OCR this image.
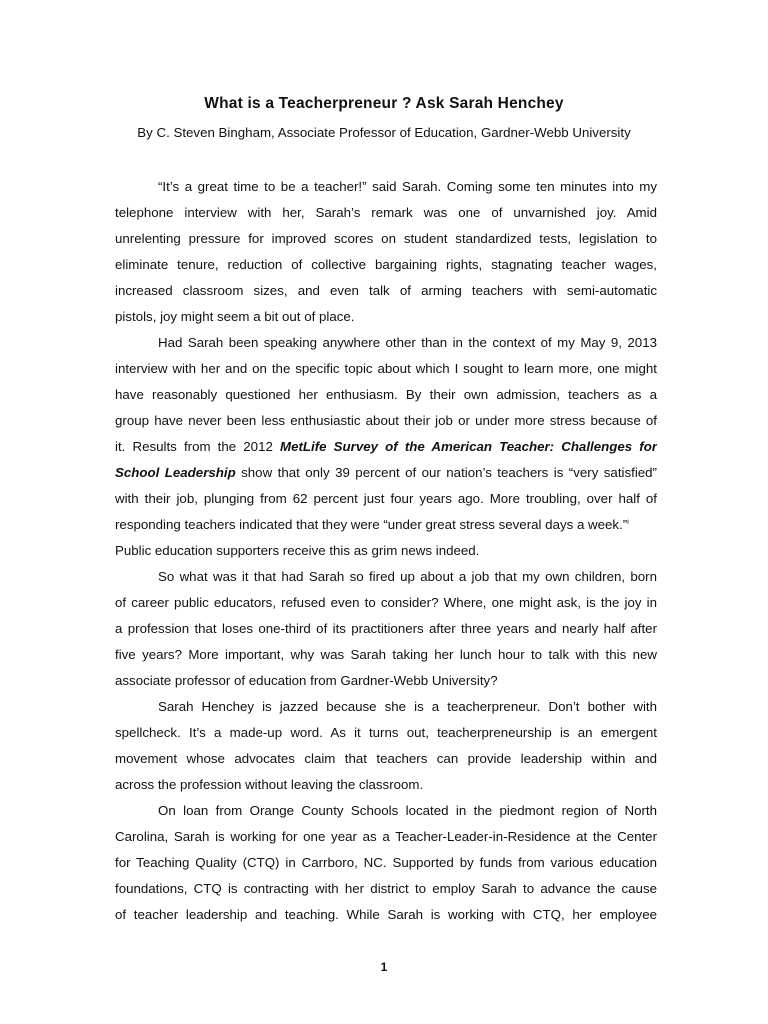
What is a Teacherpreneur ? Ask Sarah Henchey
By C. Steven Bingham, Associate Professor of Education, Gardner-Webb University
“It’s a great time to be a teacher!” said Sarah. Coming some ten minutes into my
telephone interview with her, Sarah’s remark was one of unvarnished joy. Amid
unrelenting pressure for improved scores on student standardized tests, legislation to
eliminate tenure, reduction of collective bargaining rights, stagnating teacher wages,
increased classroom sizes, and even talk of arming teachers with semi-automatic
pistols, joy might seem a bit out of place.
Had Sarah been speaking anywhere other than in the context of my May 9, 2013
interview with her and on the specific topic about which I sought to learn more, one might
have reasonably questioned her enthusiasm. By their own admission, teachers as a
group have never been less enthusiastic about their job or under more stress because of
it. Results from the 2012 MetLife Survey of the American Teacher: Challenges for
School Leadership show that only 39 percent of our nation’s teachers is “very satisfied”
with their job, plunging from 62 percent just four years ago. More troubling, over half of
responding teachers indicated that they were “under great stress several days a week.”$^i$
Public education supporters receive this as grim news indeed.
So what was it that had Sarah so fired up about a job that my own children, born
of career public educators, refused even to consider? Where, one might ask, is the joy in
a profession that loses one-third of its practitioners after three years and nearly half after
five years? More important, why was Sarah taking her lunch hour to talk with this new
associate professor of education from Gardner-Webb University?
Sarah Henchey is jazzed because she is a teacherpreneur. Don’t bother with
spellcheck. It’s a made-up word. As it turns out, teacherpreneurship is an emergent
movement whose advocates claim that teachers can provide leadership within and
across the profession without leaving the classroom.
On loan from Orange County Schools located in the piedmont region of North
Carolina, Sarah is working for one year as a Teacher-Leader-in-Residence at the Center
for Teaching Quality (CTQ) in Carrboro, NC. Supported by funds from various education
foundations, CTQ is contracting with her district to employ Sarah to advance the cause
of teacher leadership and teaching. While Sarah is working with CTQ, her employee
1
